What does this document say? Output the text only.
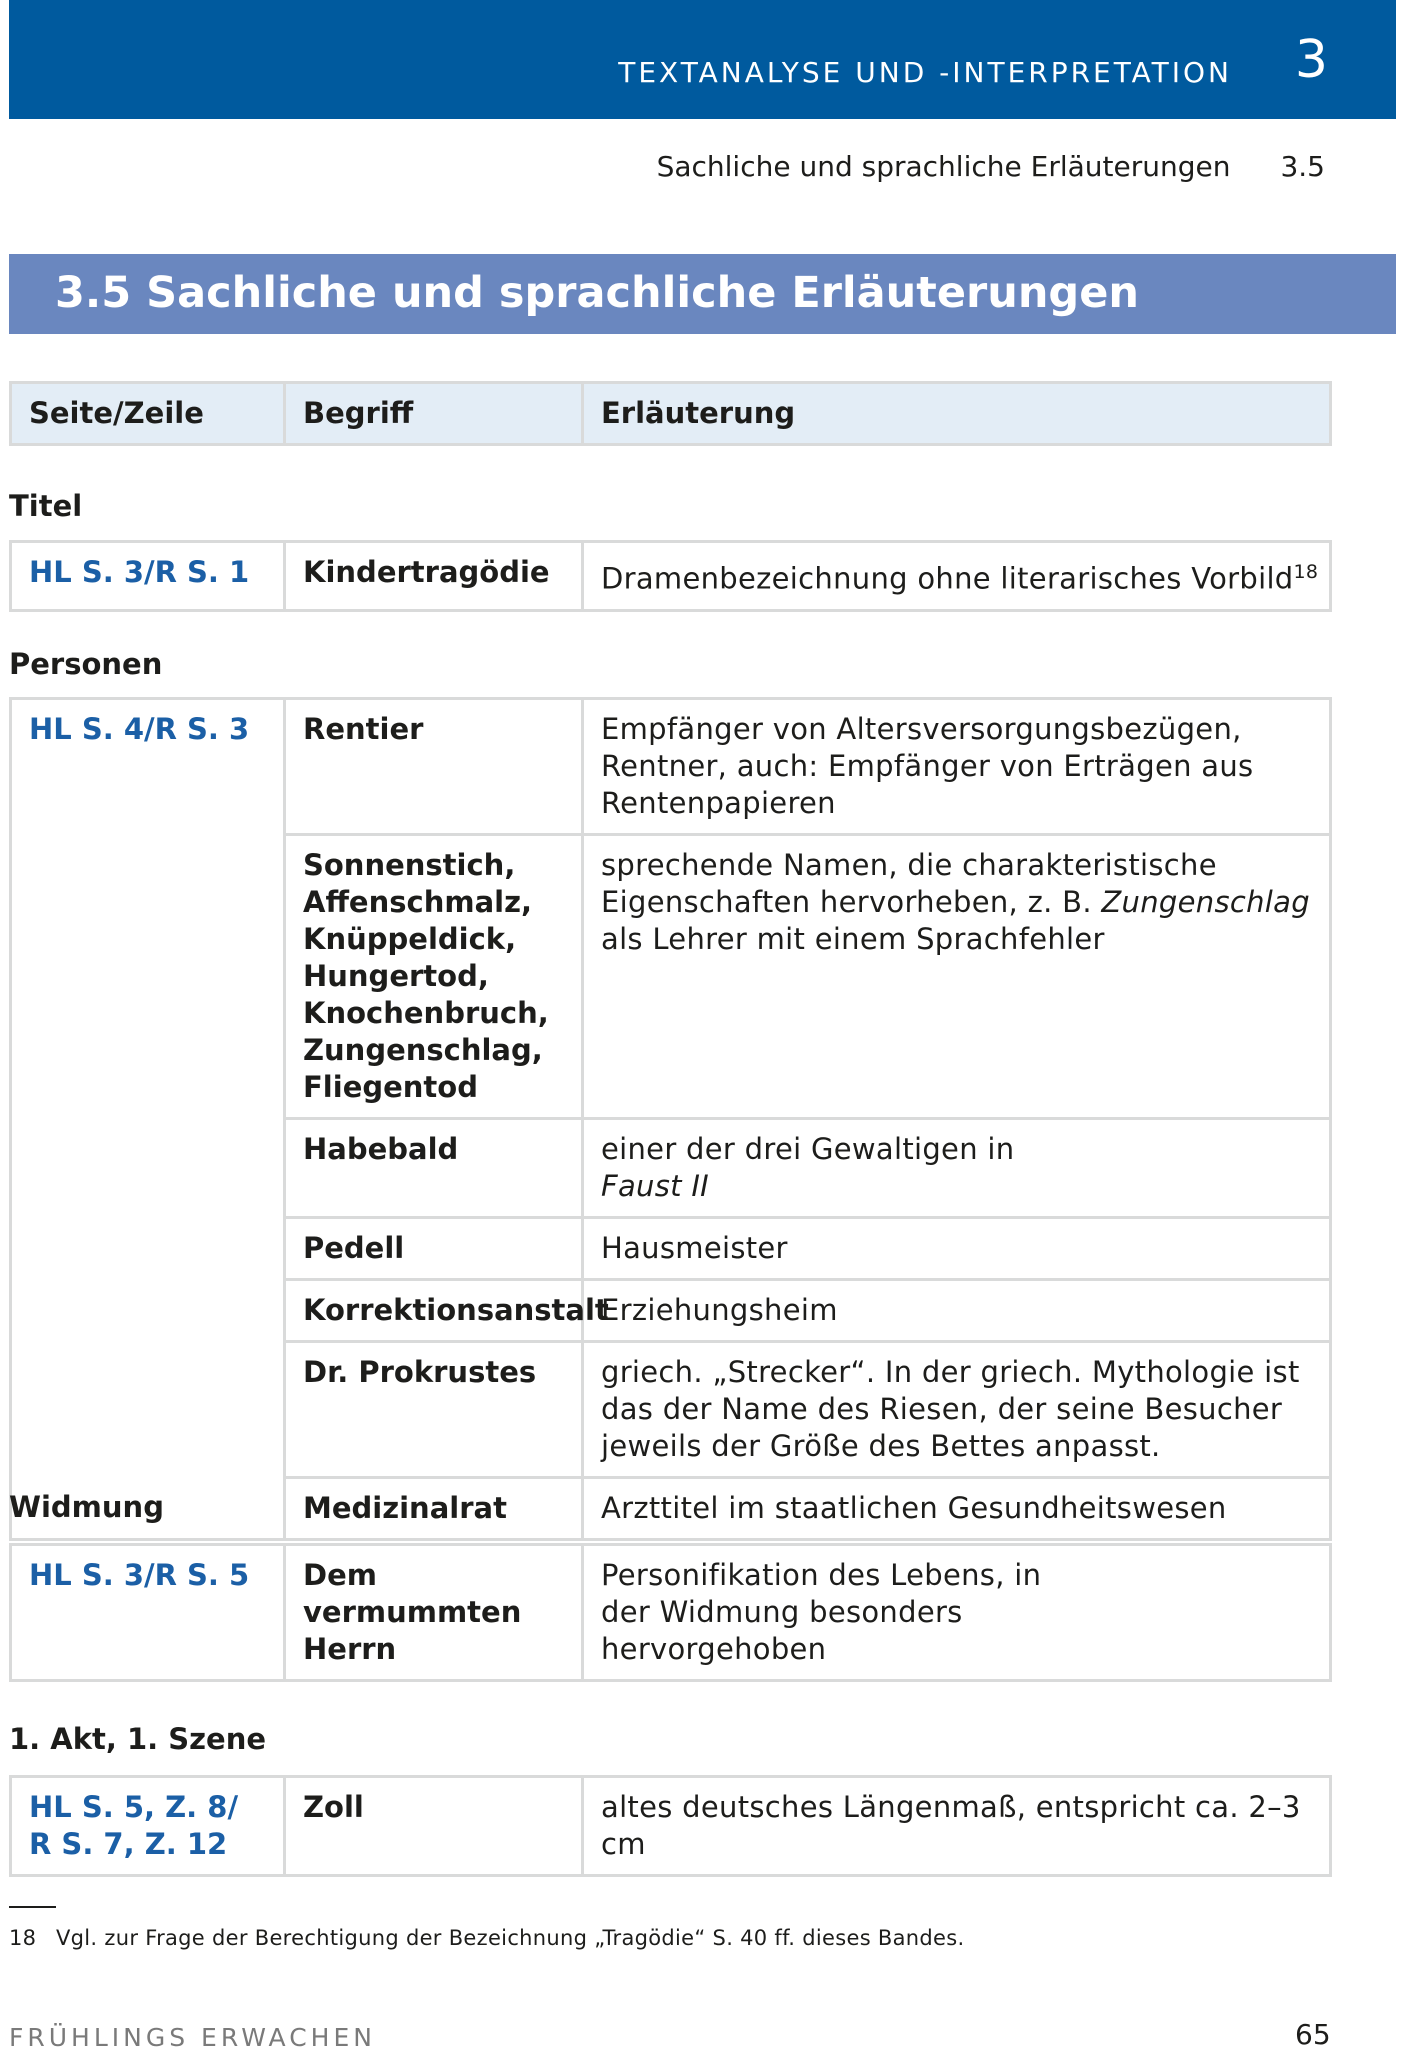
TEXTANALYSE UND -INTERPRETATION 3
Sachliche und sprachliche Erläuterungen 3.5
3.5 Sachliche und sprachliche Erläuterungen
Seite/Zeile	Begriff	Erläuterung
Titel
HL S. 3/R S. 1	Kindertragödie	Dramenbezeichnung ohne literarisches Vorbild$^{18}$
Personen
HL S. 4/R S. 3	Rentier	Empfänger von Altersversorgungsbezügen, Rentner, auch: Empfänger von Erträgen aus Rentenpapieren
	Sonnenstich, Affenschmalz, Knüppeldick, Hungertod, Knochenbruch, Zungenschlag, Fliegentod	sprechende Namen, die charakteristische Eigenschaften hervorheben, z. B. Zungenschlag als Lehrer mit einem Sprachfehler
	Habebald	einer der drei Gewaltigen in
Faust II
	Pedell	Hausmeister
	Korrektionsanstalt	Erziehungsheim
	Dr. Prokrustes	griech. „Strecker“. In der griech. Mythologie ist das der Name des Riesen, der seine Besucher jeweils der Größe des Bettes anpasst.
	Medizinalrat	Arzttitel im staatlichen Gesundheitswesen
Widmung
HL S. 3/R S. 5	Dem vermummten Herrn	Personifikation des Lebens, in der Widmung besonders hervorgehoben
1. Akt, 1. Szene
HL S. 5, Z. 8/
R S. 7, Z. 12	Zoll	altes deutsches Längenmaß, entspricht ca. 2–3 cm
18 Vgl. zur Frage der Berechtigung der Bezeichnung „Tragödie“ S. 40 ff. dieses Bandes.
FRÜHLINGS ERWACHEN	65
